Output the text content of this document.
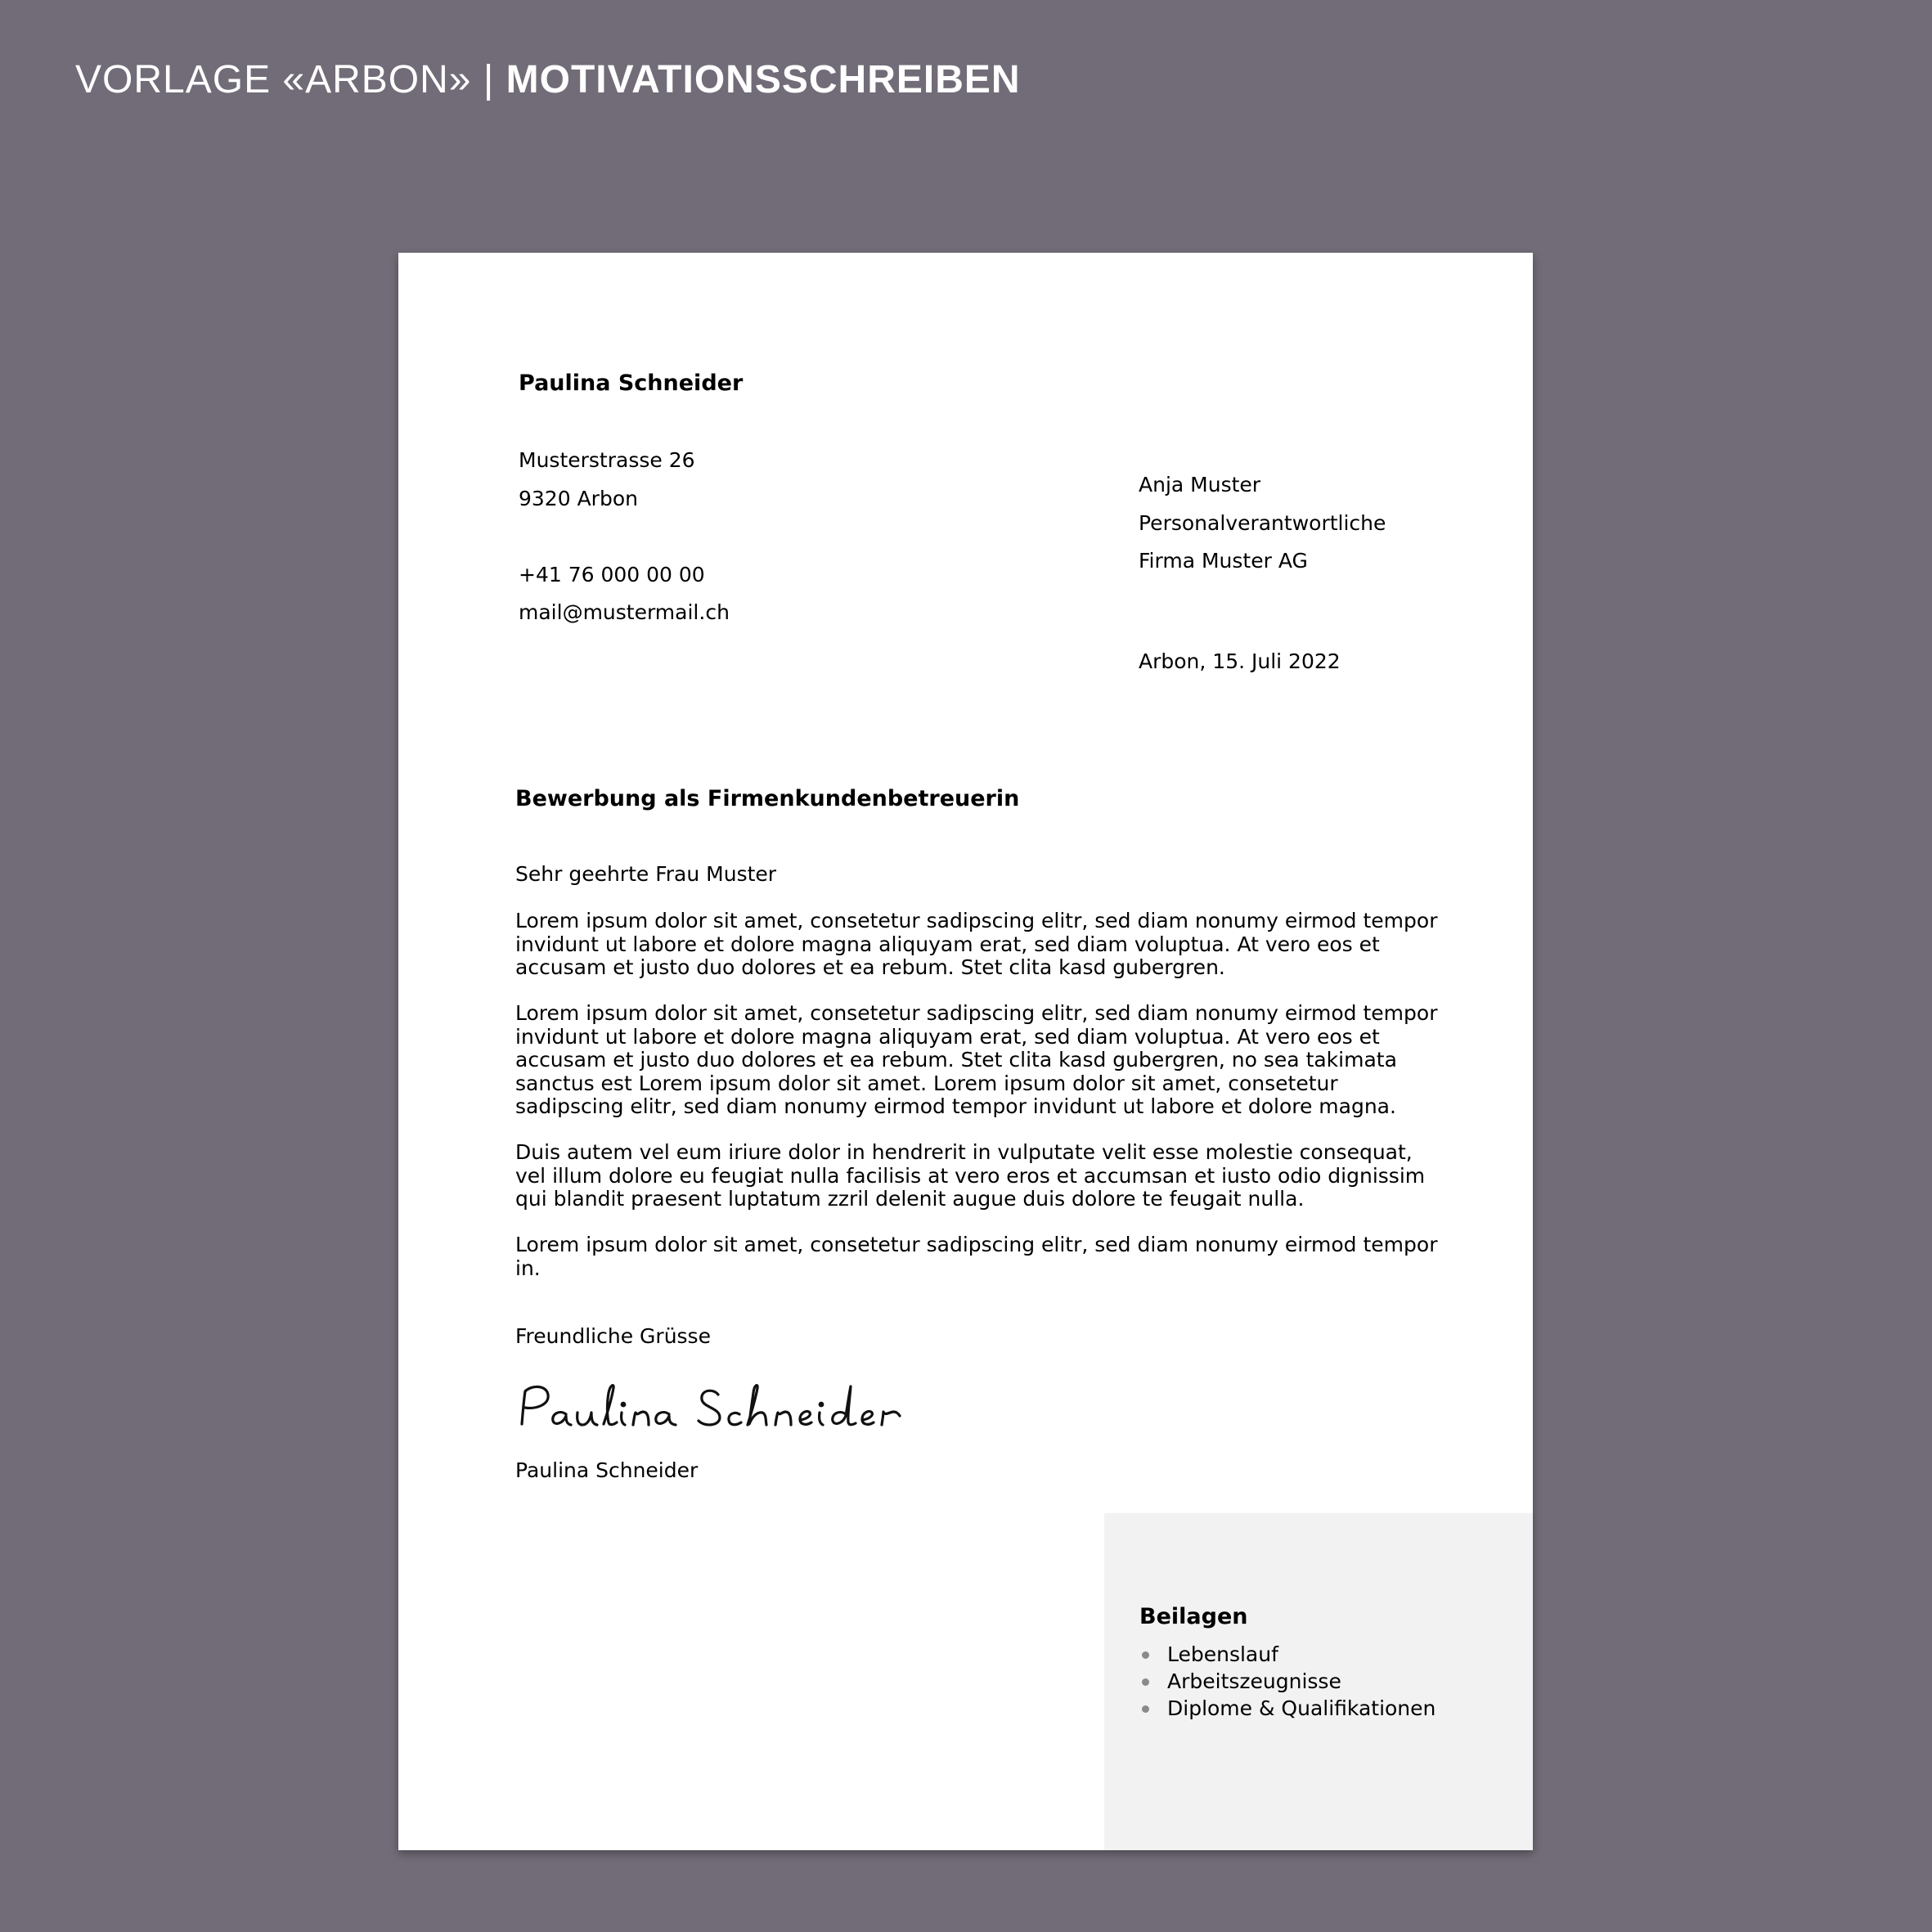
VORLAGE «ARBON» | MOTIVATIONSSCHREIBEN
Paulina Schneider
Musterstrasse 26
9320 Arbon
+41 76 000 00 00
mail@mustermail.ch
Anja Muster
Personalverantwortliche
Firma Muster AG
Arbon, 15. Juli 2022
Bewerbung als Firmenkundenbetreuerin
Sehr geehrte Frau Muster
Lorem ipsum dolor sit amet, consetetur sadipscing elitr, sed diam nonumy eirmod tempor invidunt ut labore et dolore magna aliquyam erat, sed diam voluptua. At vero eos et accusam et justo duo dolores et ea rebum. Stet clita kasd gubergren.
Lorem ipsum dolor sit amet, consetetur sadipscing elitr, sed diam nonumy eirmod tempor invidunt ut labore et dolore magna aliquyam erat, sed diam voluptua. At vero eos et accusam et justo duo dolores et ea rebum. Stet clita kasd gubergren, no sea takimata sanctus est Lorem ipsum dolor sit amet. Lorem ipsum dolor sit amet, consetetur sadipscing elitr, sed diam nonumy eirmod tempor invidunt ut labore et dolore magna.
Duis autem vel eum iriure dolor in hendrerit in vulputate velit esse molestie consequat, vel illum dolore eu feugiat nulla facilisis at vero eros et accumsan et iusto odio dignissim qui blandit praesent luptatum zzril delenit augue duis dolore te feugait nulla.
Lorem ipsum dolor sit amet, consetetur sadipscing elitr, sed diam nonumy eirmod tempor in.
Freundliche Grüsse
Paulina Schneider
Beilagen
Lebenslauf
Arbeitszeugnisse
Diplome & Qualifikationen
